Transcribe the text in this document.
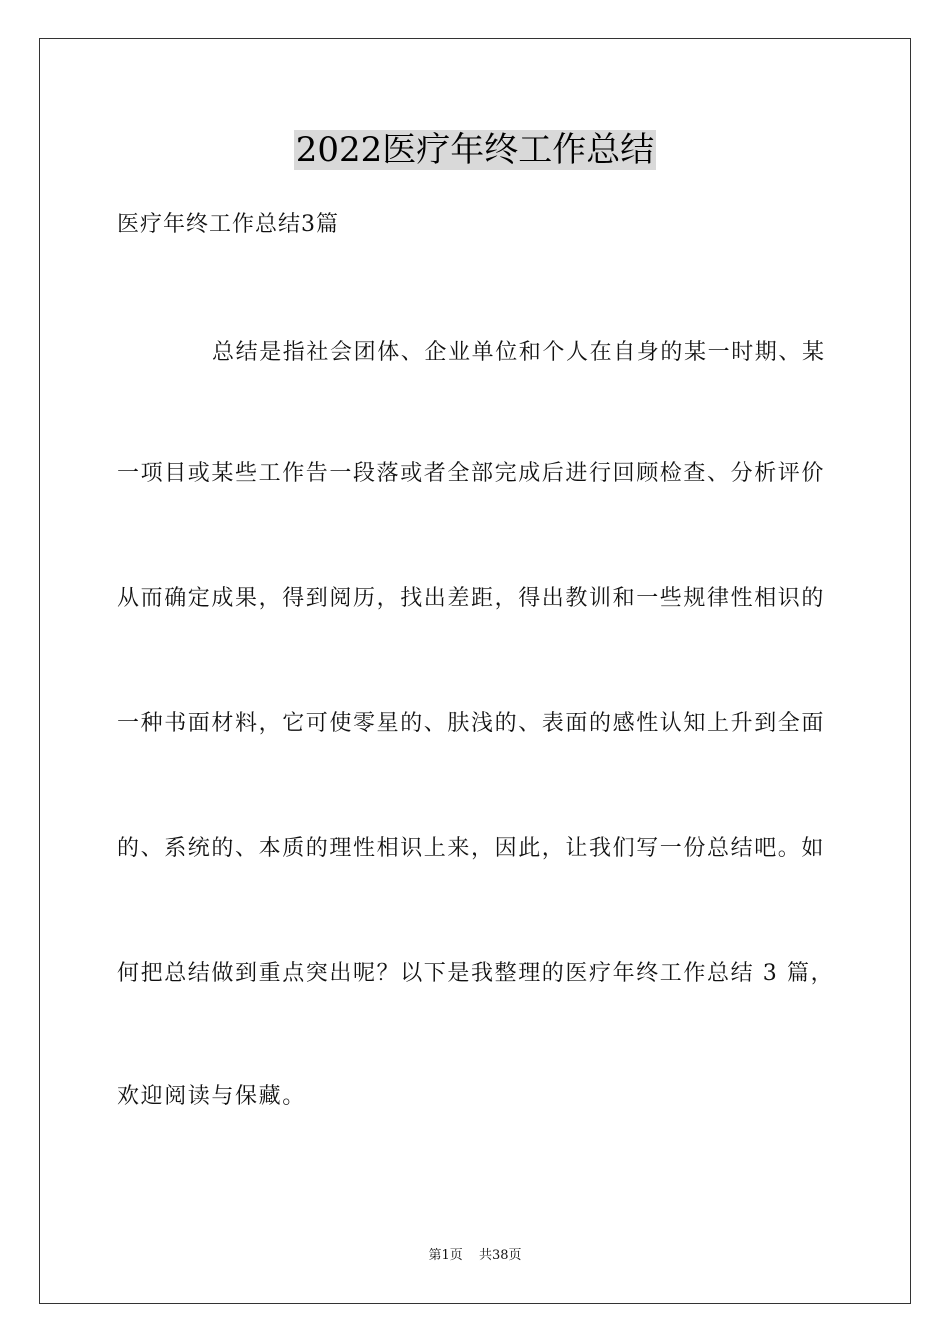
2022医疗年终工作总结
医疗年终工作总结3篇
总结是指社会团体、企业单位和个人在自身的某一时期、某
一项目或某些工作告一段落或者全部完成后进行回顾检查、分析评价
从而确定成果，得到阅历，找出差距，得出教训和一些规律性相识的
一种书面材料，它可使零星的、肤浅的、表面的感性认知上升到全面
的、系统的、本质的理性相识上来，因此，让我们写一份总结吧。如
何把总结做到重点突出呢？以下是我整理的医疗年终工作总结 3 篇，
欢迎阅读与保藏。
第1页 共38页
